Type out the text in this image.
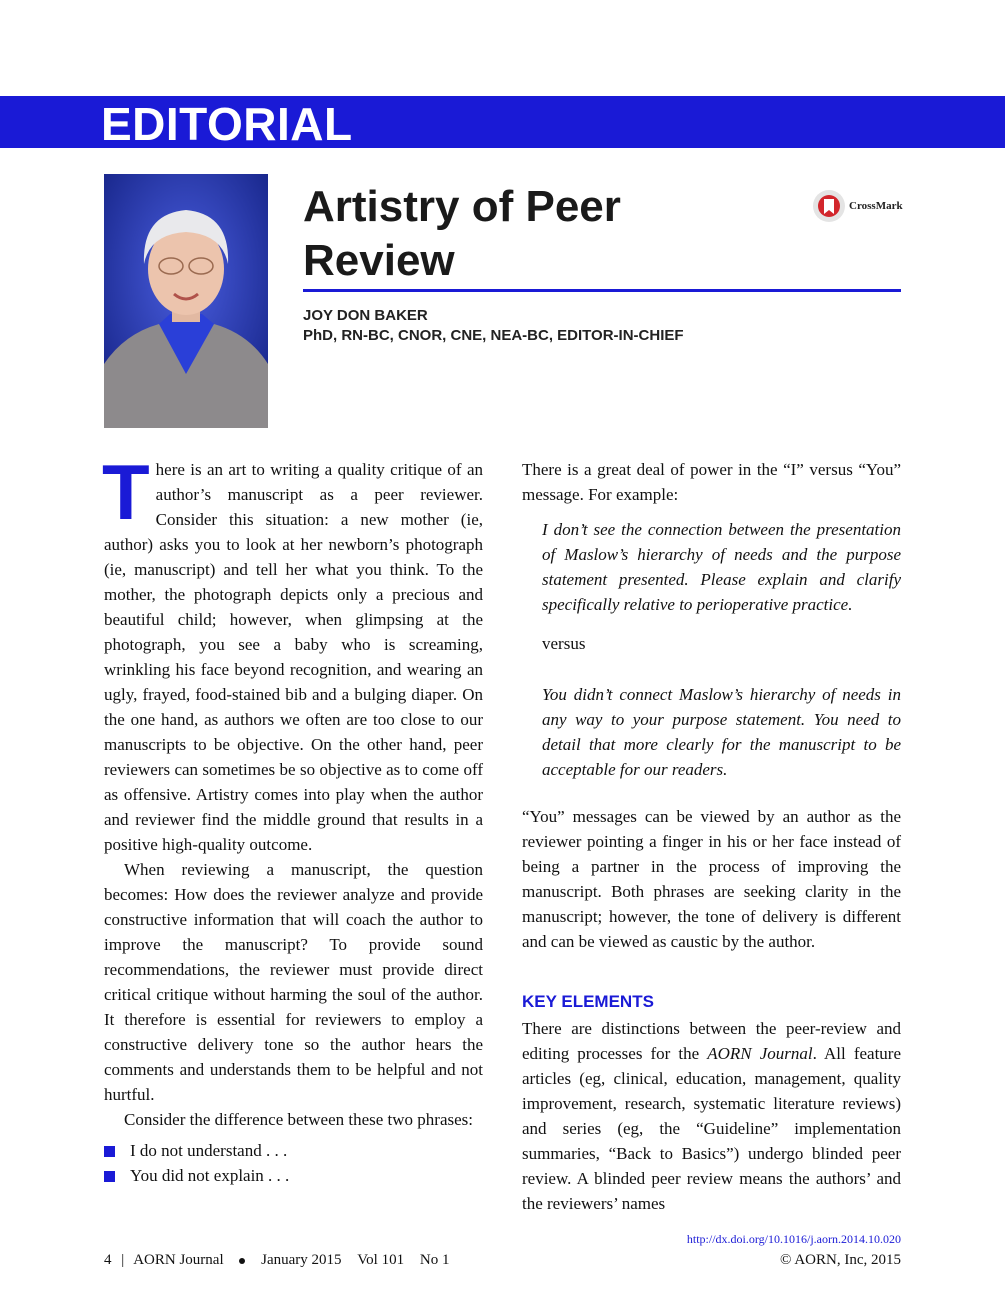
EDITORIAL
Artistry of Peer Review
CrossMark
JOY DON BAKER
PhD, RN-BC, CNOR, CNE, NEA-BC, EDITOR-IN-CHIEF

There is an art to writing a quality critique of an author’s manuscript as a peer reviewer. Consider this situation: a new mother (ie, author) asks you to look at her newborn’s photograph (ie, manuscript) and tell her what you think. To the mother, the photograph depicts only a precious and beautiful child; however, when glimpsing at the photograph, you see a baby who is screaming, wrinkling his face beyond recognition, and wearing an ugly, frayed, food-stained bib and a bulging diaper. On the one hand, as authors we often are too close to our manuscripts to be objective. On the other hand, peer reviewers can sometimes be so objective as to come off as offensive. Artistry comes into play when the author and reviewer find the middle ground that results in a positive high-quality outcome.

When reviewing a manuscript, the question becomes: How does the reviewer analyze and provide constructive information that will coach the author to improve the manuscript? To provide sound recommendations, the reviewer must provide direct critical critique without harming the soul of the author. It therefore is essential for reviewers to employ a constructive delivery tone so the author hears the comments and understands them to be helpful and not hurtful.

Consider the difference between these two phrases:

I do not understand . . .
You did not explain . . .

There is a great deal of power in the “I” versus “You” message. For example:

I don’t see the connection between the presentation of Maslow’s hierarchy of needs and the purpose statement presented. Please explain and clarify specifically relative to perioperative practice.

versus

You didn’t connect Maslow’s hierarchy of needs in any way to your purpose statement. You need to detail that more clearly for the manuscript to be acceptable for our readers.

“You” messages can be viewed by an author as the reviewer pointing a finger in his or her face instead of being a partner in the process of improving the manuscript. Both phrases are seeking clarity in the manuscript; however, the tone of delivery is different and can be viewed as caustic by the author.

KEY ELEMENTS

There are distinctions between the peer-review and editing processes for the AORN Journal. All feature articles (eg, clinical, education, management, quality improvement, research, systematic literature reviews) and series (eg, the “Guideline” implementation summaries, “Back to Basics”) undergo blinded peer review. A blinded peer review means the authors’ and the reviewers’ names

http://dx.doi.org/10.1016/j.aorn.2014.10.020
4 | AORN Journal	January 2015 Vol 101 No 1	© AORN, Inc, 2015
